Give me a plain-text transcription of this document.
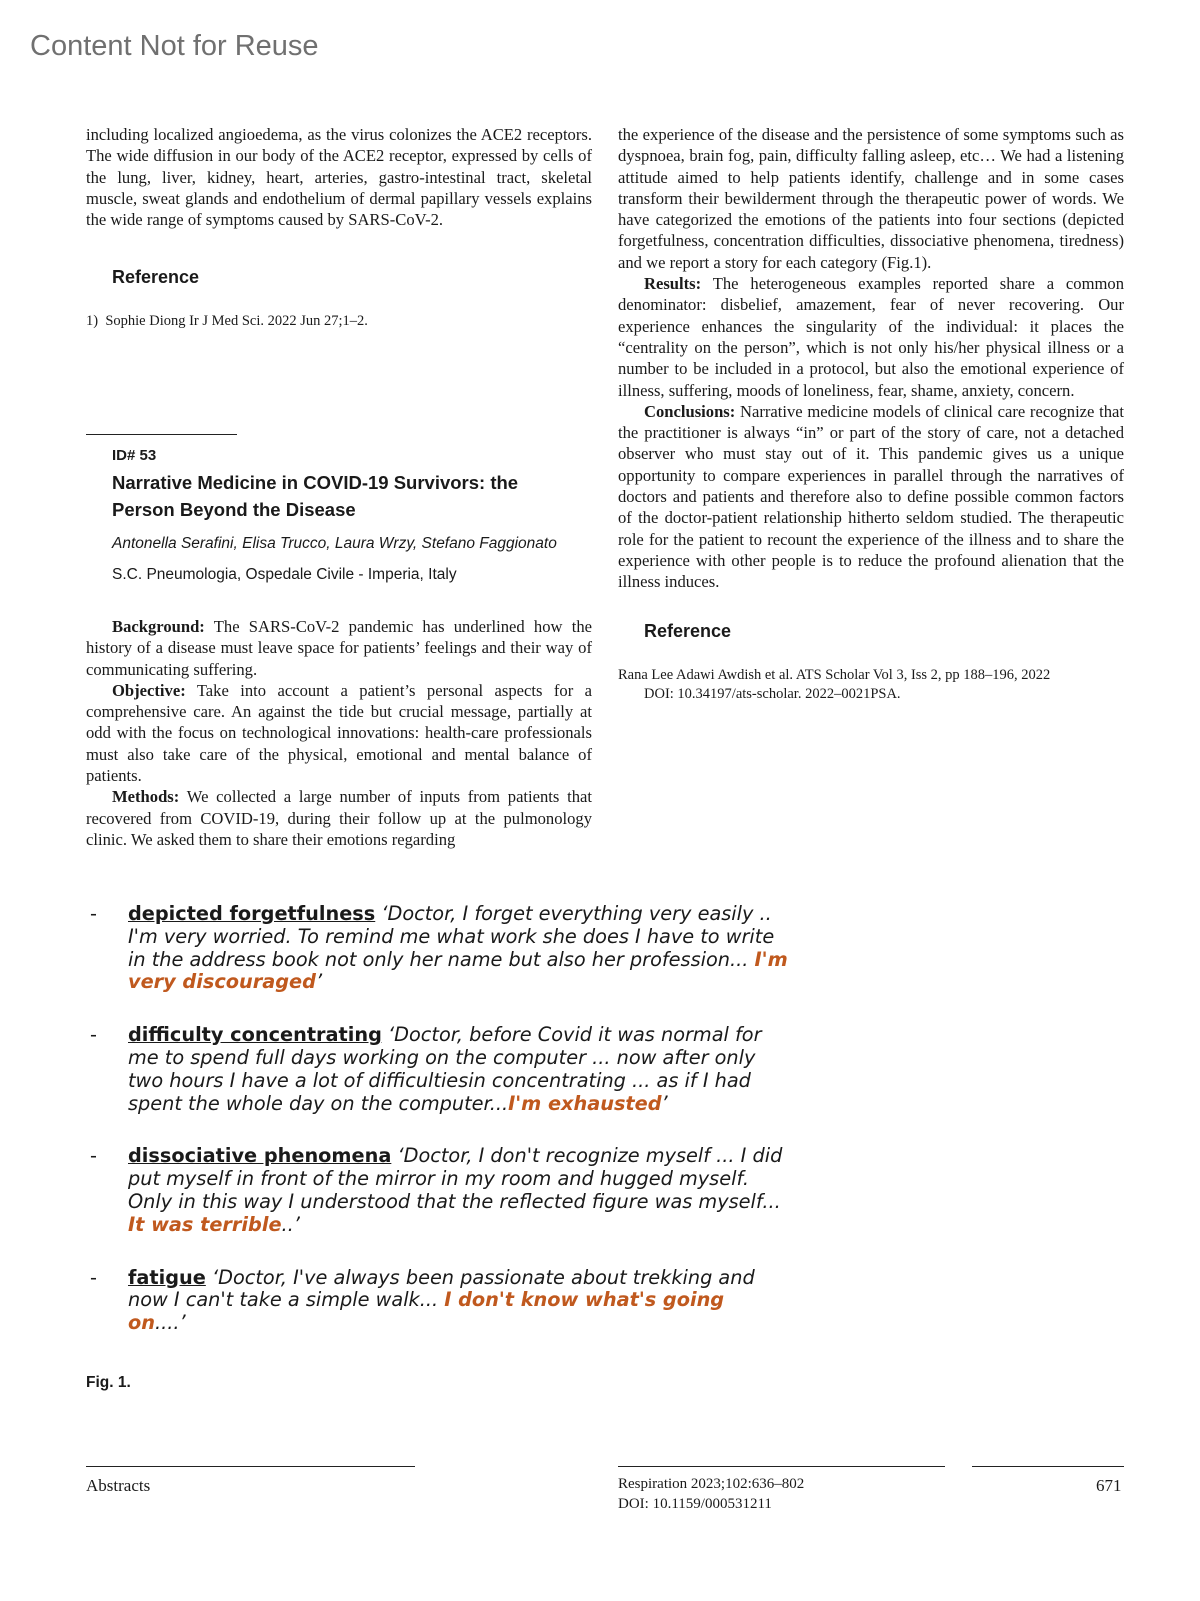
Content Not for Reuse

including localized angioedema, as the virus colonizes the ACE2 receptors. The wide diffusion in our body of the ACE2 receptor, expressed by cells of the lung, liver, kidney, heart, arteries, gastro-intestinal tract, skeletal muscle, sweat glands and endothelium of dermal papillary vessels explains the wide range of symptoms caused by SARS-CoV-2.

Reference

1)  Sophie Diong Ir J Med Sci. 2022 Jun 27;1–2.

ID# 53
Narrative Medicine in COVID-19 Survivors: the Person Beyond the Disease
Antonella Serafini, Elisa Trucco, Laura Wrzy, Stefano Faggionato
S.C. Pneumologia, Ospedale Civile - Imperia, Italy

Background: The SARS-CoV-2 pandemic has underlined how the history of a disease must leave space for patients’ feelings and their way of communicating suffering.

Objective: Take into account a patient’s personal aspects for a comprehensive care. An against the tide but crucial message, partially at odd with the focus on technological innovations: health-care professionals must also take care of the physical, emotional and mental balance of patients.

Methods: We collected a large number of inputs from patients that recovered from COVID-19, during their follow up at the pulmonology clinic. We asked them to share their emotions regarding

the experience of the disease and the persistence of some symptoms such as dyspnoea, brain fog, pain, difficulty falling asleep, etc… We had a listening attitude aimed to help patients identify, challenge and in some cases transform their bewilderment through the therapeutic power of words. We have categorized the emotions of the patients into four sections (depicted forgetfulness, concentration difficulties, dissociative phenomena, tiredness) and we report a story for each category (Fig.1).

Results: The heterogeneous examples reported share a common denominator: disbelief, amazement, fear of never recovering. Our experience enhances the singularity of the individual: it places the “centrality on the person”, which is not only his/her physical illness or a number to be included in a protocol, but also the emotional experience of illness, suffering, moods of loneliness, fear, shame, anxiety, concern.

Conclusions: Narrative medicine models of clinical care recognize that the practitioner is always “in” or part of the story of care, not a detached observer who must stay out of it. This pandemic gives us a unique opportunity to compare experiences in parallel through the narratives of doctors and patients and therefore also to define possible common factors of the doctor-patient relationship hitherto seldom studied. The therapeutic role for the patient to recount the experience of the illness and to share the experience with other people is to reduce the profound alienation that the illness induces.

Reference

Rana Lee Adawi Awdish et al. ATS Scholar Vol 3, Iss 2, pp 188–196, 2022
DOI: 10.34197/ats-scholar. 2022–0021PSA.

- depicted forgetfulness ‘Doctor, I forget everything very easily .. I'm very worried. To remind me what work she does I have to write in the address book not only her name but also her profession... I'm very discouraged’
- difficulty concentrating ‘Doctor, before Covid it was normal for me to spend full days working on the computer ... now after only two hours I have a lot of difficultiesin concentrating ... as if I had spent the whole day on the computer...I'm exhausted’
- dissociative phenomena ‘Doctor, I don't recognize myself ... I did put myself in front of the mirror in my room and hugged myself. Only in this way I understood that the reflected figure was myself... It was terrible..’
- fatigue ‘Doctor, I've always been passionate about trekking and now I can't take a simple walk... I don't know what's going on....’
Fig. 1.
Abstracts	Respiration 2023;102:636–802
DOI: 10.1159/000531211
671
